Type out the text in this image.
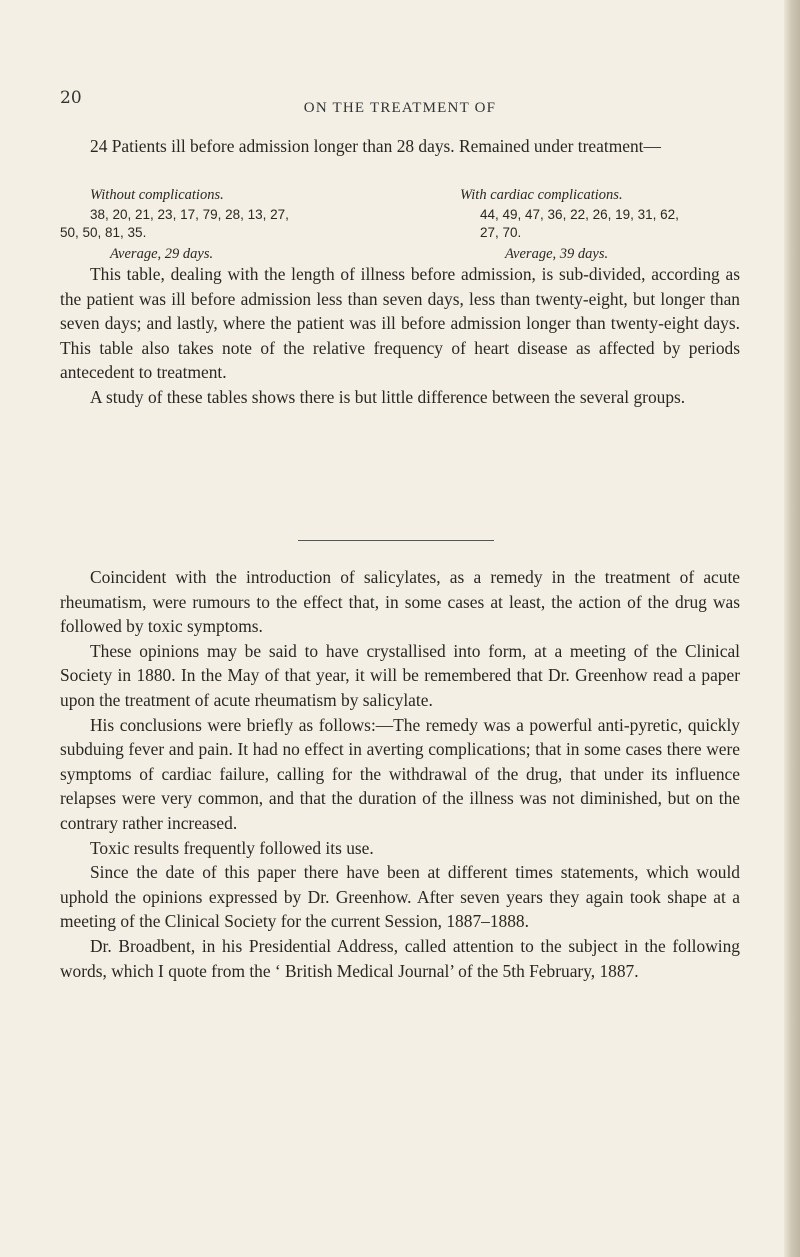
20	ON THE TREATMENT OF

24 Patients ill before admission longer than 28 days. Remained under treatment—

Without complications.
38, 20, 21, 23, 17, 79, 28, 13, 27,
50, 50, 81, 35.
Average, 29 days.
With cardiac complications.
44, 49, 47, 36, 22, 26, 19, 31, 62,
27, 70.
Average, 39 days.

This table, dealing with the length of illness before admission, is sub-divided, according as the patient was ill before admission less than seven days, less than twenty-eight, but longer than seven days; and lastly, where the patient was ill before admission longer than twenty-eight days. This table also takes note of the relative frequency of heart disease as affected by periods antecedent to treatment.

A study of these tables shows there is but little difference between the several groups.

Coincident with the introduction of salicylates, as a remedy in the treatment of acute rheumatism, were rumours to the effect that, in some cases at least, the action of the drug was followed by toxic symptoms.

These opinions may be said to have crystallised into form, at a meeting of the Clinical Society in 1880. In the May of that year, it will be remembered that Dr. Greenhow read a paper upon the treatment of acute rheumatism by salicylate.

His conclusions were briefly as follows:—The remedy was a powerful anti-pyretic, quickly subduing fever and pain. It had no effect in averting complications; that in some cases there were symptoms of cardiac failure, calling for the withdrawal of the drug, that under its influence relapses were very common, and that the duration of the illness was not diminished, but on the contrary rather increased.

Toxic results frequently followed its use.

Since the date of this paper there have been at different times statements, which would uphold the opinions expressed by Dr. Greenhow. After seven years they again took shape at a meeting of the Clinical Society for the current Session, 1887–1888.

Dr. Broadbent, in his Presidential Address, called attention to the subject in the following words, which I quote from the ‘ British Medical Journal’ of the 5th February, 1887.
